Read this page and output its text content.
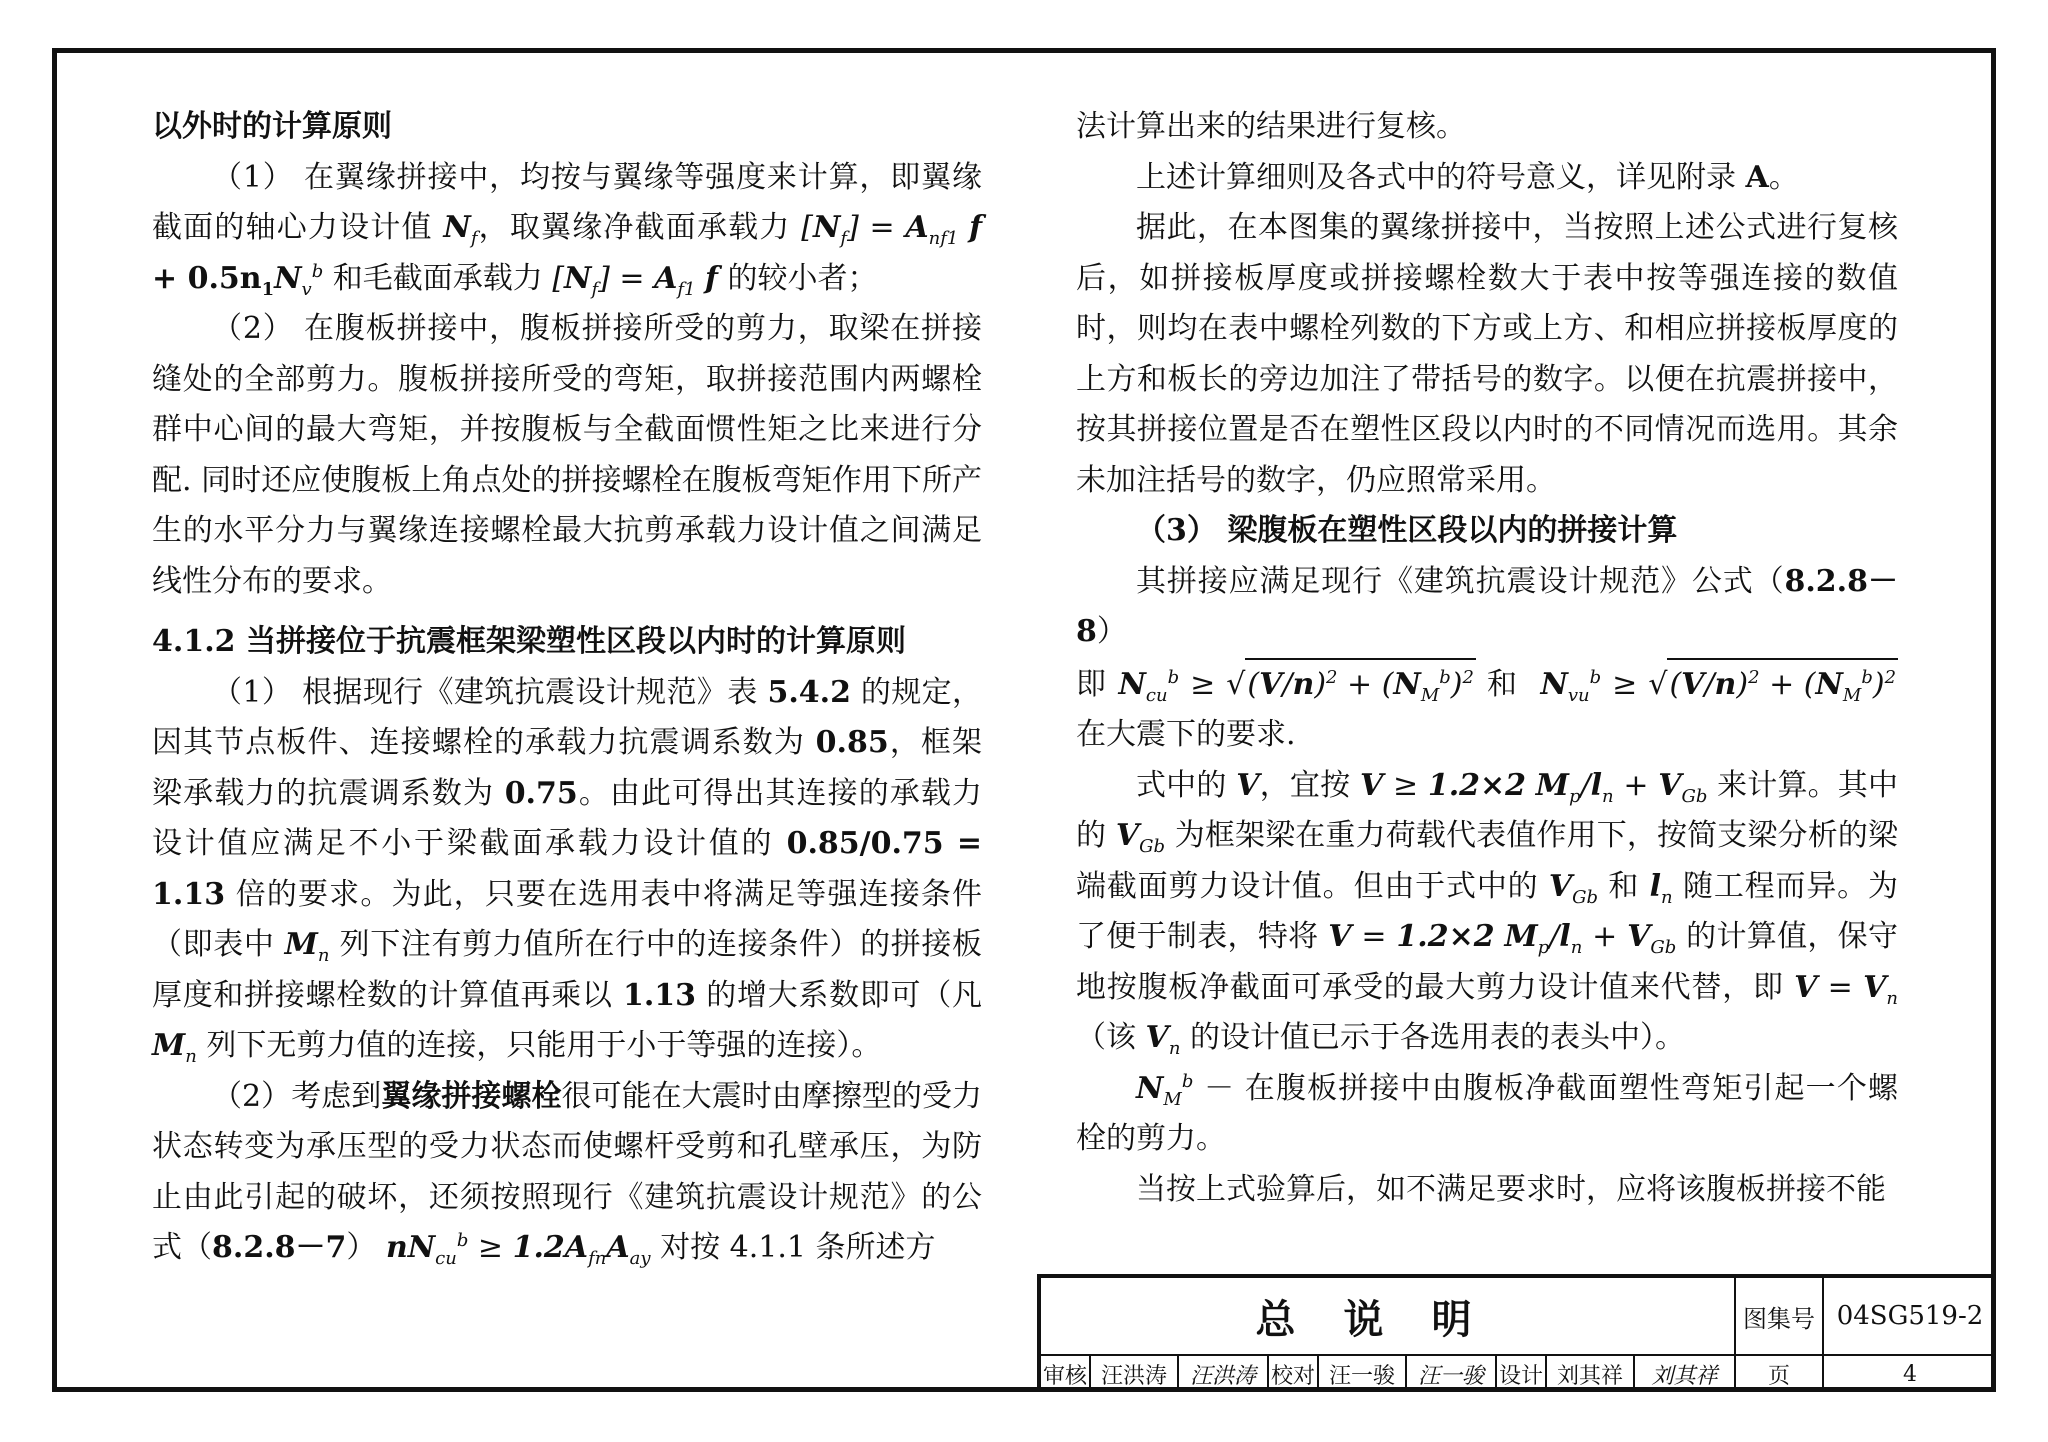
以外时的计算原则

（1） 在翼缘拼接中，均按与翼缘等强度来计算，即翼缘截面的轴心力设计值 $N_f$，取翼缘净截面承载力 $[N_f] = A_{nf1}$ $f + 0.5n_1N_v^b$ 和毛截面承载力 $[N_f] = A_{f1}$ f 的较小者；

（2） 在腹板拼接中，腹板拼接所受的剪力，取梁在拼接缝处的全部剪力。腹板拼接所受的弯矩，取拼接范围内两螺栓群中心间的最大弯矩，并按腹板与全截面惯性矩之比来进行分配. 同时还应使腹板上角点处的拼接螺栓在腹板弯矩作用下所产生的水平分力与翼缘连接螺栓最大抗剪承载力设计值之间满足线性分布的要求。

4.1.2 当拼接位于抗震框架梁塑性区段以内时的计算原则

（1） 根据现行《建筑抗震设计规范》表 5.4.2 的规定，因其节点板件、连接螺栓的承载力抗震调系数为 0.85，框架梁承载力的抗震调系数为 0.75。由此可得出其连接的承载力设计值应满足不小于梁截面承载力设计值的 0.85/0.75 = 1.13 倍的要求。为此，只要在选用表中将满足等强连接条件（即表中 $M_n$ 列下注有剪力值所在行中的连接条件）的拼接板厚度和拼接螺栓数的计算值再乘以 1.13 的增大系数即可（凡 $M_n$ 列下无剪力值的连接，只能用于小于等强的连接）。

（2）考虑到翼缘拼接螺栓很可能在大震时由摩擦型的受力状态转变为承压型的受力状态而使螺杆受剪和孔壁承压，为防止由此引起的破坏，还须按照现行《建筑抗震设计规范》的公式（8.2.8－7） $nN_{cu}^b \ge 1.2A_{fn}A_{ay}$ 对按 4.1.1 条所述方

法计算出来的结果进行复核。

上述计算细则及各式中的符号意义，详见附录 A。

据此，在本图集的翼缘拼接中，当按照上述公式进行复核后，如拼接板厚度或拼接螺栓数大于表中按等强连接的数值时，则均在表中螺栓列数的下方或上方、和相应拼接板厚度的上方和板长的旁边加注了带括号的数字。以便在抗震拼接中，按其拼接位置是否在塑性区段以内时的不同情况而选用。其余未加注括号的数字，仍应照常采用。

（3） 梁腹板在塑性区段以内的拼接计算

其拼接应满足现行《建筑抗震设计规范》公式（8.2.8－8）

即 $N_{cu}^b \ge √(V/n)^2 + (N_M^b)^2$ 和  $N_{vu}^b \ge √(V/n)^2 + (N_M^b)^2$ 在大震下的要求.

式中的 V，宜按 V ≥ 1.2×2 $M_p/l_n + V_{Gb}$ 来计算。其中的 $V_{Gb}$ 为框架梁在重力荷载代表值作用下，按简支梁分析的梁端截面剪力设计值。但由于式中的 $V_{Gb}$ 和 $l_n$ 随工程而异。为了便于制表，特将 V = 1.2×2 $M_p/l_n + V_{Gb}$ 的计算值，保守地按腹板净截面可承受的最大剪力设计值来代替，即 $V = V_n$（该 $V_n$ 的设计值已示于各选用表的表头中）。

$N_M^b$ － 在腹板拼接中由腹板净截面塑性弯矩引起一个螺栓的剪力。

当按上式验算后，如不满足要求时，应将该腹板拼接不能

总说明	图集号 04SG519-2
审核 汪洪涛	汪洪涛 校对 汪一骏	汪一骏 设计 刘其祥	刘其祥	页	4
